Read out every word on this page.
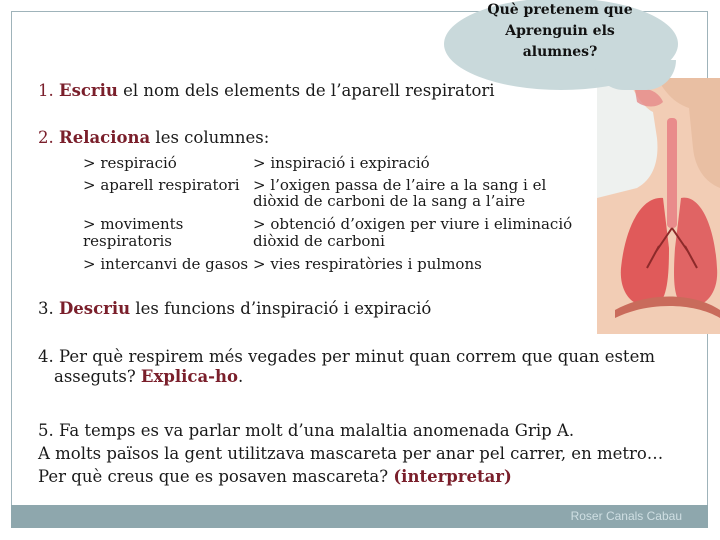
Què pretenem que
Aprenguin els
alumnes?
1. Escriu el nom dels elements de l’aparell respiratori
2. Relaciona les columnes:
> respiració
> aparell respiratori
> moviments
respiratoris
> intercanvi de gasos
> inspiració i expiració
> l’oxigen passa de l’aire a la sang i el
diòxid de carboni de la sang a l’aire
> obtenció d’oxigen per viure i eliminació
diòxid de carboni
> vies respiratòries i pulmons
3. Descriu les funcions d’inspiració i expiració
4. Per què respirem més vegades per minut quan correm que quan estem
asseguts? Explica-ho.
5. Fa temps es va parlar molt d’una malaltia anomenada Grip A.
A molts països la gent utilitzava mascareta per anar pel carrer, en metro…
Per què creus que es posaven mascareta? (interpretar)
Roser Canals Cabau
